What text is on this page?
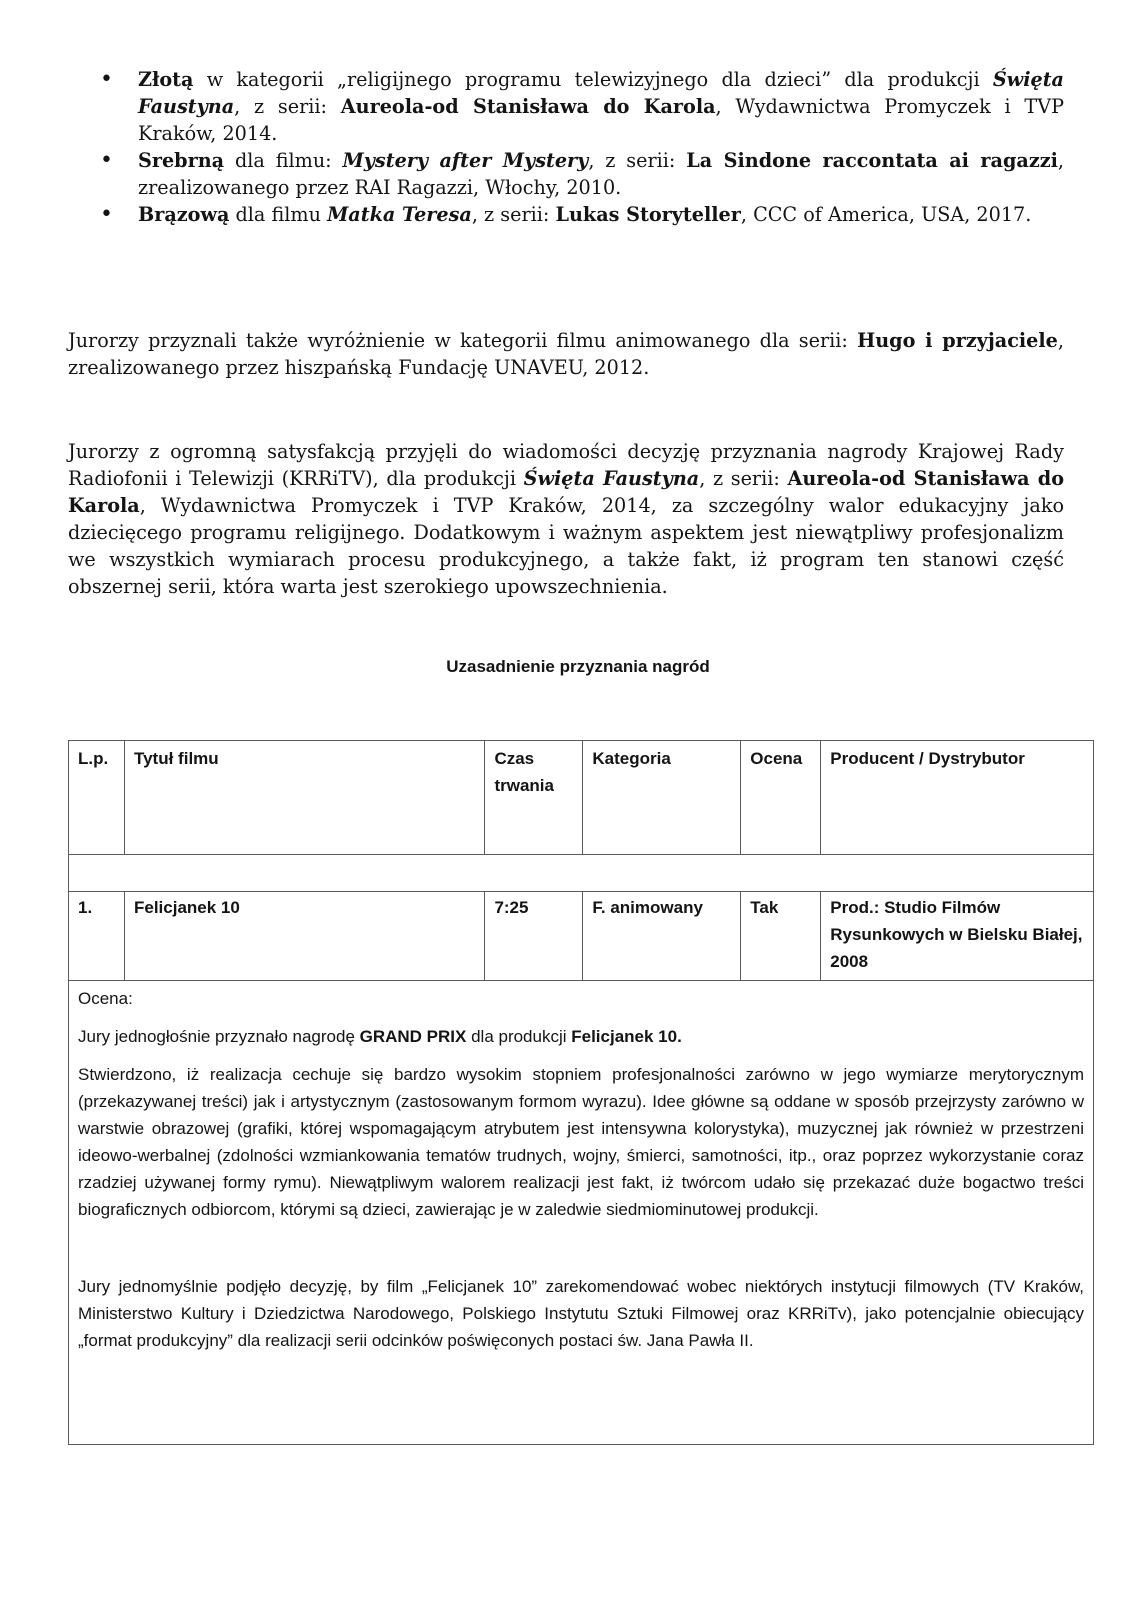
• Złotą w kategorii „religijnego programu telewizyjnego dla dzieci” dla produkcji Święta Faustyna, z serii: Aureola-od Stanisława do Karola, Wydawnictwa Promyczek i TVP Kraków, 2014.
• Srebrną dla filmu: Mystery after Mystery, z serii: La Sindone raccontata ai ragazzi, zrealizowanego przez RAI Ragazzi, Włochy, 2010.
• Brązową dla filmu Matka Teresa, z serii: Lukas Storyteller, CCC of America, USA, 2017.

Jurorzy przyznali także wyróżnienie w kategorii filmu animowanego dla serii: Hugo i przyjaciele, zrealizowanego przez hiszpańską Fundację UNAVEU, 2012.

Jurorzy z ogromną satysfakcją przyjęli do wiadomości decyzję przyznania nagrody Krajowej Rady Radiofonii i Telewizji (KRRiTV), dla produkcji Święta Faustyna, z serii: Aureola-od Stanisława do Karola, Wydawnictwa Promyczek i TVP Kraków, 2014, za szczególny walor edukacyjny jako dziecięcego programu religijnego. Dodatkowym i ważnym aspektem jest niewątpliwy profesjonalizm we wszystkich wymiarach procesu produkcyjnego, a także fakt, iż program ten stanowi część obszernej serii, która warta jest szerokiego upowszechnienia.

Uzasadnienie przyznania nagród
L.p.	Tytuł filmu	Czas trwania	Kategoria	Ocena	Producent / Dystrybutor

1.	Felicjanek 10	7:25	F. animowany	Tak	Prod.: Studio Filmów Rysunkowych w Bielsku Białej, 2008

Ocena:

Jury jednogłośnie przyznało nagrodę GRAND PRIX dla produkcji Felicjanek 10.

Stwierdzono, iż realizacja cechuje się bardzo wysokim stopniem profesjonalności zarówno w jego wymiarze merytorycznym (przekazywanej treści) jak i artystycznym (zastosowanym formom wyrazu). Idee główne są oddane w sposób przejrzysty zarówno w warstwie obrazowej (grafiki, której wspomagającym atrybutem jest intensywna kolorystyka), muzycznej jak również w przestrzeni ideowo-werbalnej (zdolności wzmiankowania tematów trudnych, wojny, śmierci, samotności, itp., oraz poprzez wykorzystanie coraz rzadziej używanej formy rymu). Niewątpliwym walorem realizacji jest fakt, iż twórcom udało się przekazać duże bogactwo treści biograficznych odbiorcom, którymi są dzieci, zawierając je w zaledwie siedmiominutowej produkcji.

Jury jednomyślnie podjęło decyzję, by film „Felicjanek 10” zarekomendować wobec niektórych instytucji filmowych (TV Kraków, Ministerstwo Kultury i Dziedzictwa Narodowego, Polskiego Instytutu Sztuki Filmowej oraz KRRiTv), jako potencjalnie obiecujący „format produkcyjny” dla realizacji serii odcinków poświęconych postaci św. Jana Pawła II.					
